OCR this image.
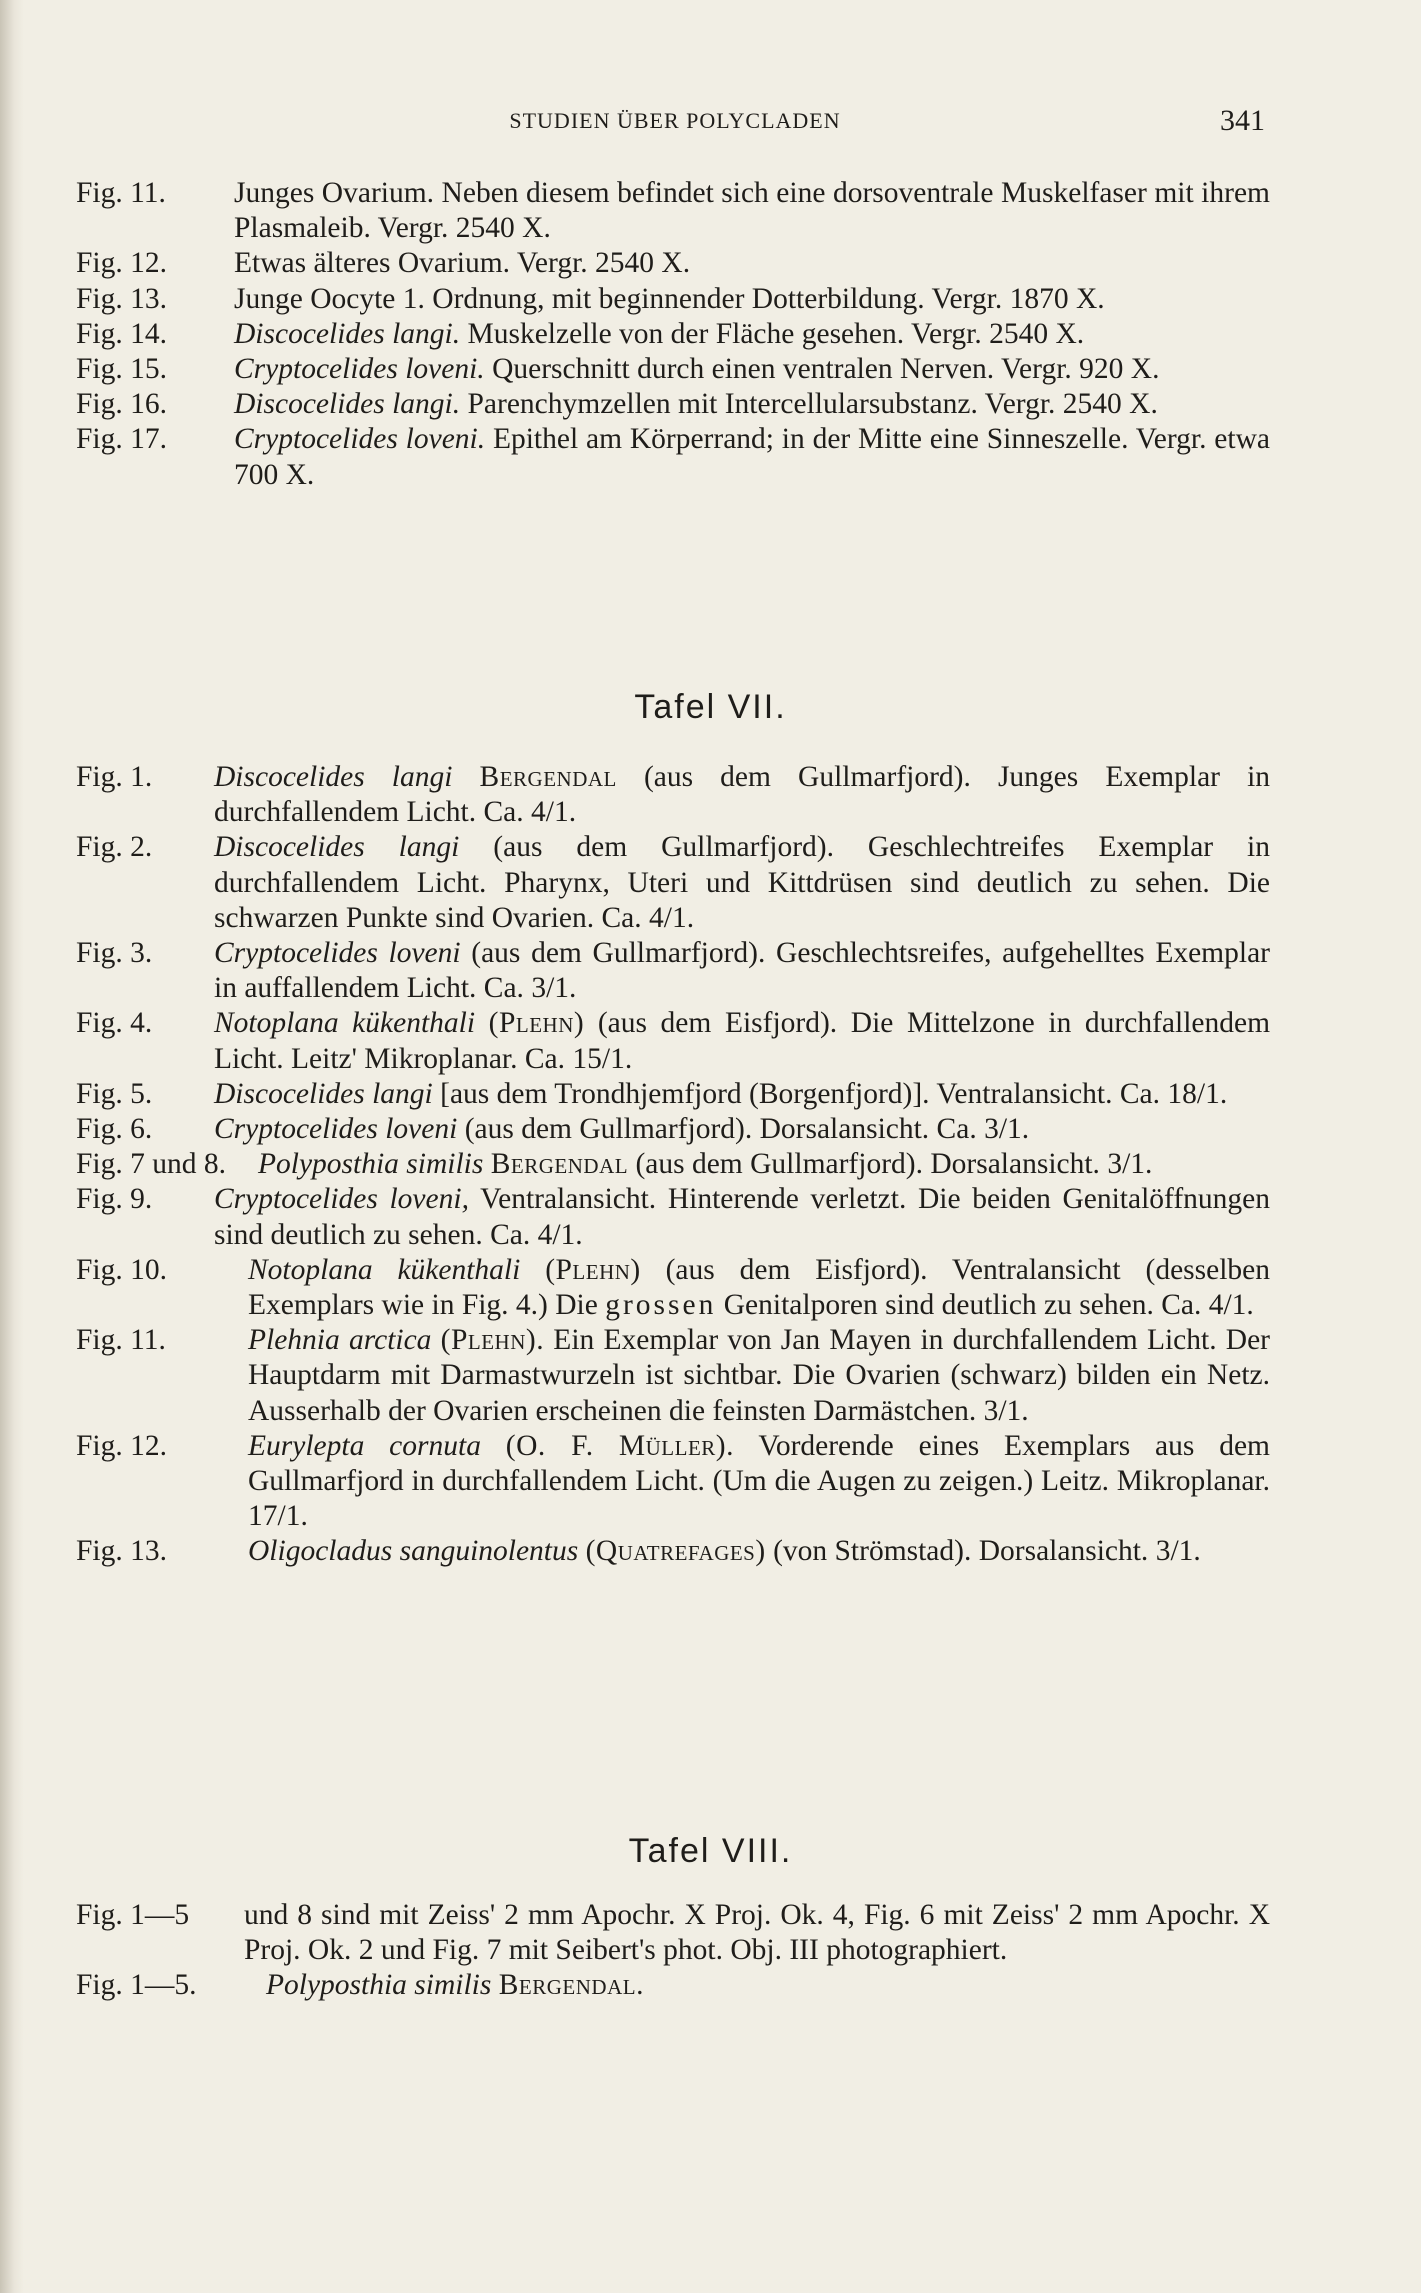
STUDIEN ÜBER POLYCLADEN	341

Fig. 11. Junges Ovarium. Neben diesem befindet sich eine dorsoventrale Muskelfaser mit ihrem Plasmaleib. Vergr. 2540 X.

Fig. 12. Etwas älteres Ovarium. Vergr. 2540 X.

Fig. 13. Junge Oocyte 1. Ordnung, mit beginnender Dotterbildung. Vergr. 1870 X.

Fig. 14. Discocelides langi. Muskelzelle von der Fläche gesehen. Vergr. 2540 X.

Fig. 15. Cryptocelides loveni. Querschnitt durch einen ventralen Nerven. Vergr. 920 X.

Fig. 16. Discocelides langi. Parenchymzellen mit Intercellularsubstanz. Vergr. 2540 X.

Fig. 17. Cryptocelides loveni. Epithel am Körperrand; in der Mitte eine Sinneszelle. Vergr. etwa 700 X.

Tafel VII.

Fig. 1. Discocelides langi Bergendal (aus dem Gullmarfjord). Junges Exemplar in durchfallendem Licht. Ca. 4/1.

Fig. 2. Discocelides langi (aus dem Gullmarfjord). Geschlechtreifes Exemplar in durchfallendem Licht. Pharynx, Uteri und Kittdrüsen sind deutlich zu sehen. Die schwarzen Punkte sind Ovarien. Ca. 4/1.

Fig. 3. Cryptocelides loveni (aus dem Gullmarfjord). Geschlechtsreifes, aufgehelltes Exemplar in auffallendem Licht. Ca. 3/1.

Fig. 4. Notoplana kükenthali (Plehn) (aus dem Eisfjord). Die Mittelzone in durchfallendem Licht. Leitz' Mikroplanar. Ca. 15/1.

Fig. 5. Discocelides langi [aus dem Trondhjemfjord (Borgenfjord)]. Ventralansicht. Ca. 18/1.

Fig. 6. Cryptocelides loveni (aus dem Gullmarfjord). Dorsalansicht. Ca. 3/1.

Fig. 7 und 8. Polyposthia similis Bergendal (aus dem Gullmarfjord). Dorsalansicht. 3/1.

Fig. 9. Cryptocelides loveni, Ventralansicht. Hinterende verletzt. Die beiden Genitalöffnungen sind deutlich zu sehen. Ca. 4/1.

Fig. 10.	Notoplana kükenthali (Plehn) (aus dem Eisfjord). Ventralansicht (desselben Exemplars wie in Fig. 4.) Die grossen Genitalporen sind deutlich zu sehen. Ca. 4/1.

Fig. 11.	Plehnia arctica (Plehn). Ein Exemplar von Jan Mayen in durchfallendem Licht. Der Hauptdarm mit Darmastwurzeln ist sichtbar. Die Ovarien (schwarz) bilden ein Netz. Ausserhalb der Ovarien erscheinen die feinsten Darmästchen. 3/1.

Fig. 12.	Eurylepta cornuta (O. F. Müller). Vorderende eines Exemplars aus dem Gullmarfjord in durchfallendem Licht. (Um die Augen zu zeigen.) Leitz. Mikroplanar. 17/1.

Fig. 13.	Oligocladus sanguinolentus (Quatrefages) (von Strömstad). Dorsalansicht. 3/1.

Tafel VIII.

Fig. 1—5 und 8 sind mit Zeiss' 2 mm Apochr. X Proj. Ok. 4, Fig. 6 mit Zeiss' 2 mm Apochr. X Proj. Ok. 2 und Fig. 7 mit Seibert's phot. Obj. III photographiert.

Fig. 1—5. Polyposthia similis Bergendal.
